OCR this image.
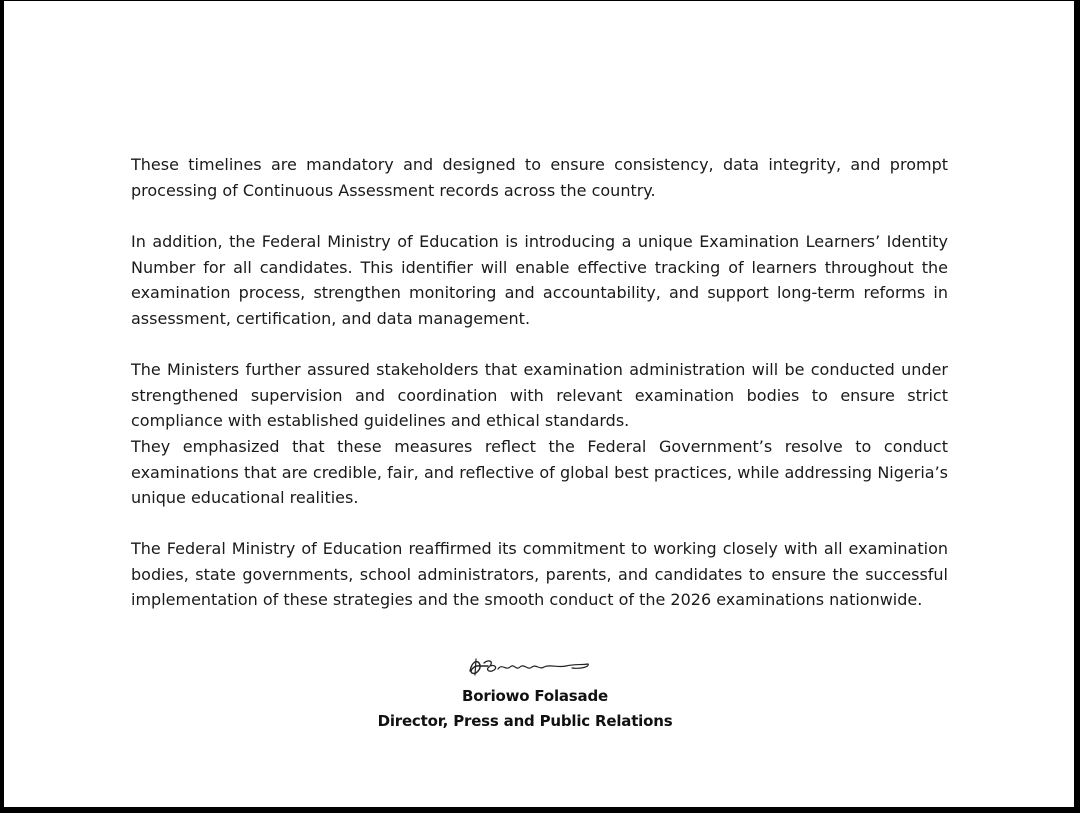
These timelines are mandatory and designed to ensure consistency, data integrity, and prompt processing of Continuous Assessment records across the country.

In addition, the Federal Ministry of Education is introducing a unique Examination Learners’ Identity Number for all candidates. This identifier will enable effective tracking of learners throughout the examination process, strengthen monitoring and accountability, and support long-term reforms in assessment, certification, and data management.

The Ministers further assured stakeholders that examination administration will be conducted under strengthened supervision and coordination with relevant examination bodies to ensure strict compliance with established guidelines and ethical standards.

They emphasized that these measures reflect the Federal Government’s resolve to conduct examinations that are credible, fair, and reflective of global best practices, while addressing Nigeria’s unique educational realities.

The Federal Ministry of Education reaffirmed its commitment to working closely with all examination bodies, state governments, school administrators, parents, and candidates to ensure the successful implementation of these strategies and the smooth conduct of the 2026 examinations nationwide.

Boriowo Folasade

Director, Press and Public Relations
